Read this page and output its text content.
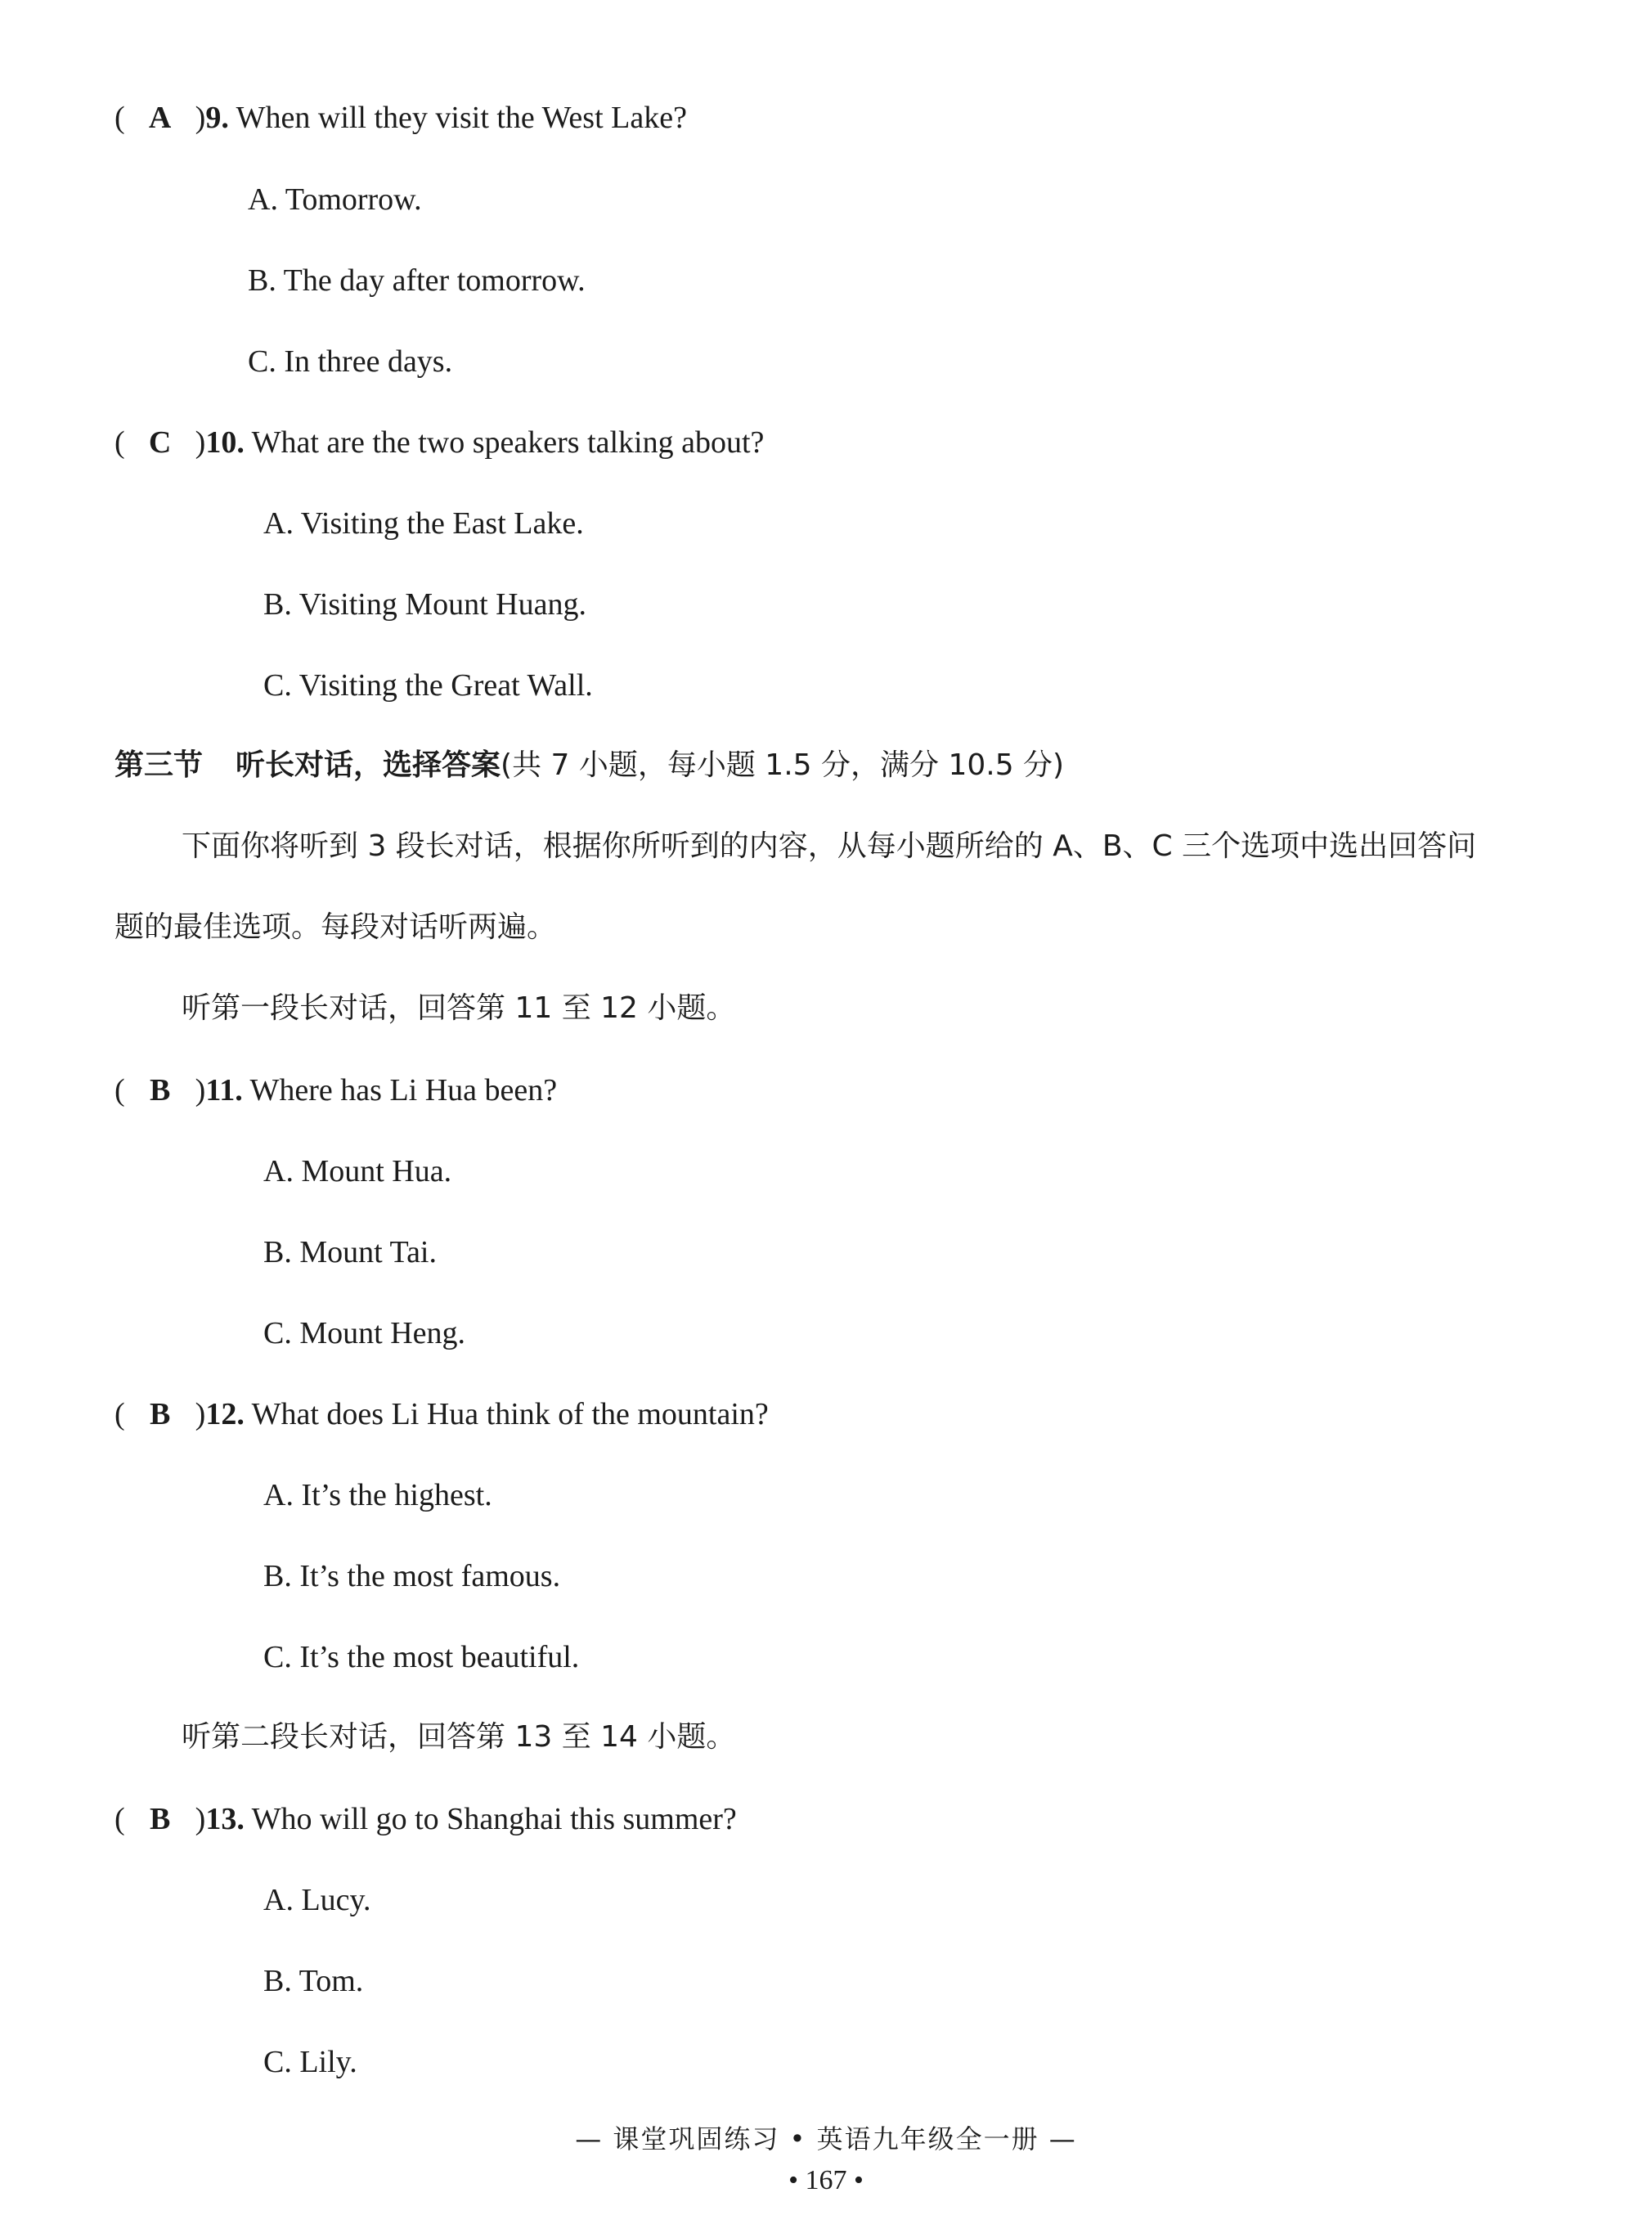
( A )9. When will they visit the West Lake?
A. Tomorrow.
B. The day after tomorrow.
C. In three days.
( C )10. What are the two speakers talking about?
A. Visiting the East Lake.
B. Visiting Mount Huang.
C. Visiting the Great Wall.
第三节 听长对话，选择答案(共 7 小题，每小题 1.5 分，满分 10.5 分)
下面你将听到 3 段长对话，根据你所听到的内容，从每小题所给的 A、B、C 三个选项中选出回答问
题的最佳选项。每段对话听两遍。
听第一段长对话，回答第 11 至 12 小题。
( B )11. Where has Li Hua been?
A. Mount Hua.
B. Mount Tai.
C. Mount Heng.
( B )12. What does Li Hua think of the mountain?
A. It’s the highest.
B. It’s the most famous.
C. It’s the most beautiful.
听第二段长对话，回答第 13 至 14 小题。
( B )13. Who will go to Shanghai this summer?
A. Lucy.
B. Tom.
C. Lily.
— 课堂巩固练习 • 英语九年级全一册 —
• 167 •
